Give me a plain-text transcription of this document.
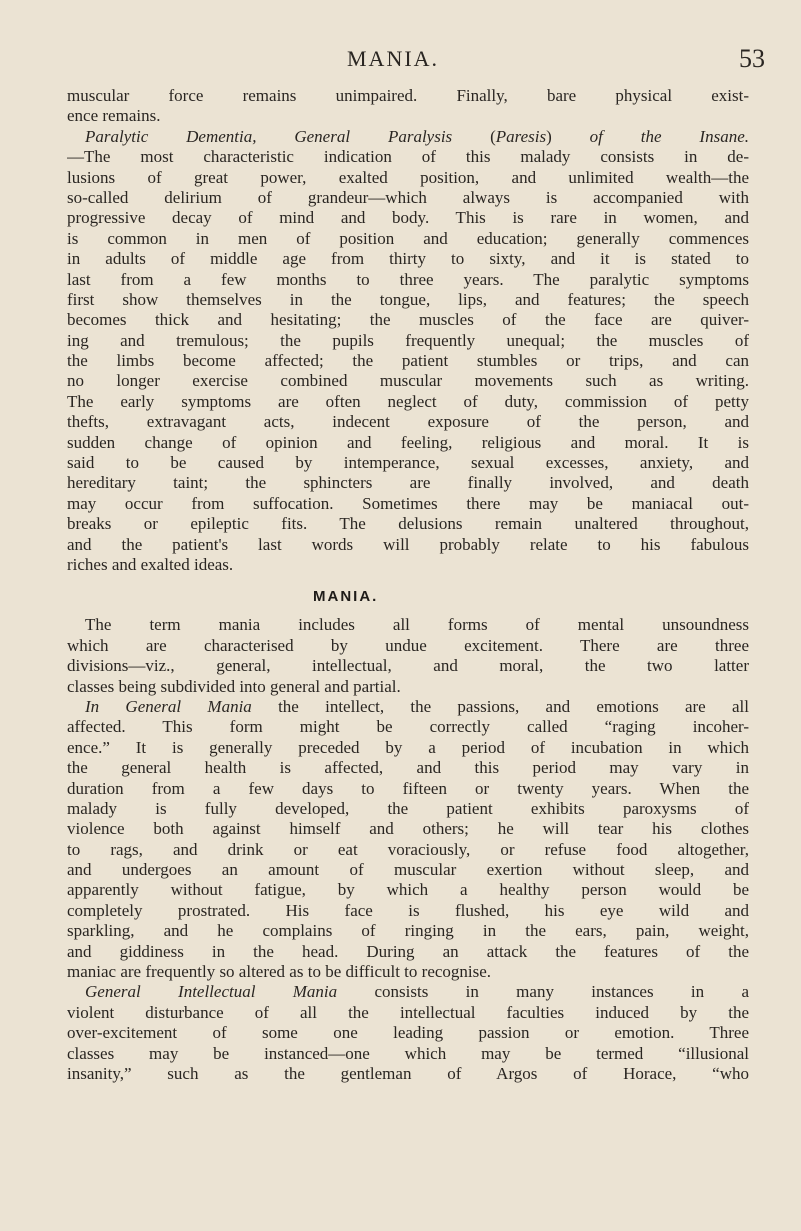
MANIA.	53
muscular force remains unimpaired. Finally, bare physical exist-
ence remains.
Paralytic Dementia, General Paralysis (Paresis) of the Insane.
—The most characteristic indication of this malady consists in de-
lusions of great power, exalted position, and unlimited wealth—the
so-called delirium of grandeur—which always is accompanied with
progressive decay of mind and body. This is rare in women, and
is common in men of position and education; generally commences
in adults of middle age from thirty to sixty, and it is stated to
last from a few months to three years. The paralytic symptoms
first show themselves in the tongue, lips, and features; the speech
becomes thick and hesitating; the muscles of the face are quiver-
ing and tremulous; the pupils frequently unequal; the muscles of
the limbs become affected; the patient stumbles or trips, and can
no longer exercise combined muscular movements such as writing.
The early symptoms are often neglect of duty, commission of petty
thefts, extravagant acts, indecent exposure of the person, and
sudden change of opinion and feeling, religious and moral. It is
said to be caused by intemperance, sexual excesses, anxiety, and
hereditary taint; the sphincters are finally involved, and death
may occur from suffocation. Sometimes there may be maniacal out-
breaks or epileptic fits. The delusions remain unaltered throughout,
and the patient's last words will probably relate to his fabulous
riches and exalted ideas.
MANIA.
The term mania includes all forms of mental unsoundness
which are characterised by undue excitement. There are three
divisions—viz., general, intellectual, and moral, the two latter
classes being subdivided into general and partial.
In General Mania the intellect, the passions, and emotions are all
affected. This form might be correctly called “raging incoher-
ence.” It is generally preceded by a period of incubation in which
the general health is affected, and this period may vary in
duration from a few days to fifteen or twenty years. When the
malady is fully developed, the patient exhibits paroxysms of
violence both against himself and others; he will tear his clothes
to rags, and drink or eat voraciously, or refuse food altogether,
and undergoes an amount of muscular exertion without sleep, and
apparently without fatigue, by which a healthy person would be
completely prostrated. His face is flushed, his eye wild and
sparkling, and he complains of ringing in the ears, pain, weight,
and giddiness in the head. During an attack the features of the
maniac are frequently so altered as to be difficult to recognise.
General Intellectual Mania consists in many instances in a
violent disturbance of all the intellectual faculties induced by the
over-excitement of some one leading passion or emotion. Three
classes may be instanced—one which may be termed “illusional
insanity,” such as the gentleman of Argos of Horace, “who
